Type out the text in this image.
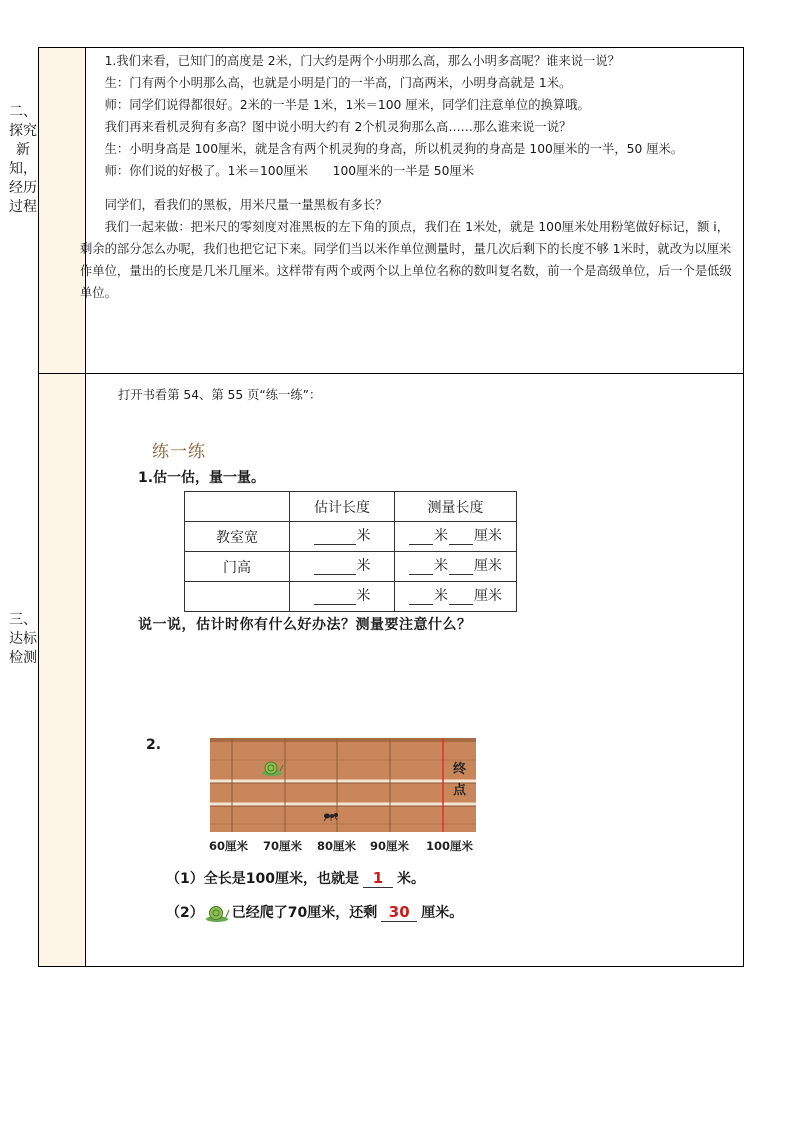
二、
探究
新
知，
经历
过程
三、
达标
检测

1.我们来看，已知门的高度是 2米，门大约是两个小明那么高，那么小明多高呢？谁来说一说？

生：门有两个小明那么高，也就是小明是门的一半高，门高两米，小明身高就是 1米。

师：同学们说得都很好。2米的一半是 1米，1米＝100 厘米，同学们注意单位的换算哦。

我们再来看机灵狗有多高？图中说小明大约有 2个机灵狗那么高……那么谁来说一说？

生：小明身高是 100厘米，就是含有两个机灵狗的身高，所以机灵狗的身高是 100厘米的一半，50 厘米。

师：你们说的好极了。1米＝100厘米　　100厘米的一半是 50厘米

同学们，看我们的黑板，用米尺量一量黑板有多长？

我们一起来做：把米尺的零刻度对准黑板的左下角的顶点，我们在 1米处，就是 100厘米处用粉笔做好标记，额 i，剩余的部分怎么办呢，我们也把它记下来。同学们当以米作单位测量时，量几次后剩下的长度不够 1米时，就改为以厘米作单位，量出的长度是几米几厘米。这样带有两个或两个以上单位名称的数叫复名数，前一个是高级单位，后一个是低级单位。

打开书看第 54、第 55 页“练一练”：
练一练
1.估一估，量一量。
	估计长度	测量长度
教室宽	米	米 厘米

门高	米	米 厘米

	米	米 厘米
说一说，估计时你有什么好办法？测量要注意什么？
2.
终
点
60厘米 70厘米 80厘米 90厘米 100厘米
（1）全长是100厘米，也就是 1 米。
（2） 已经爬了70厘米，还剩 30 厘米。
